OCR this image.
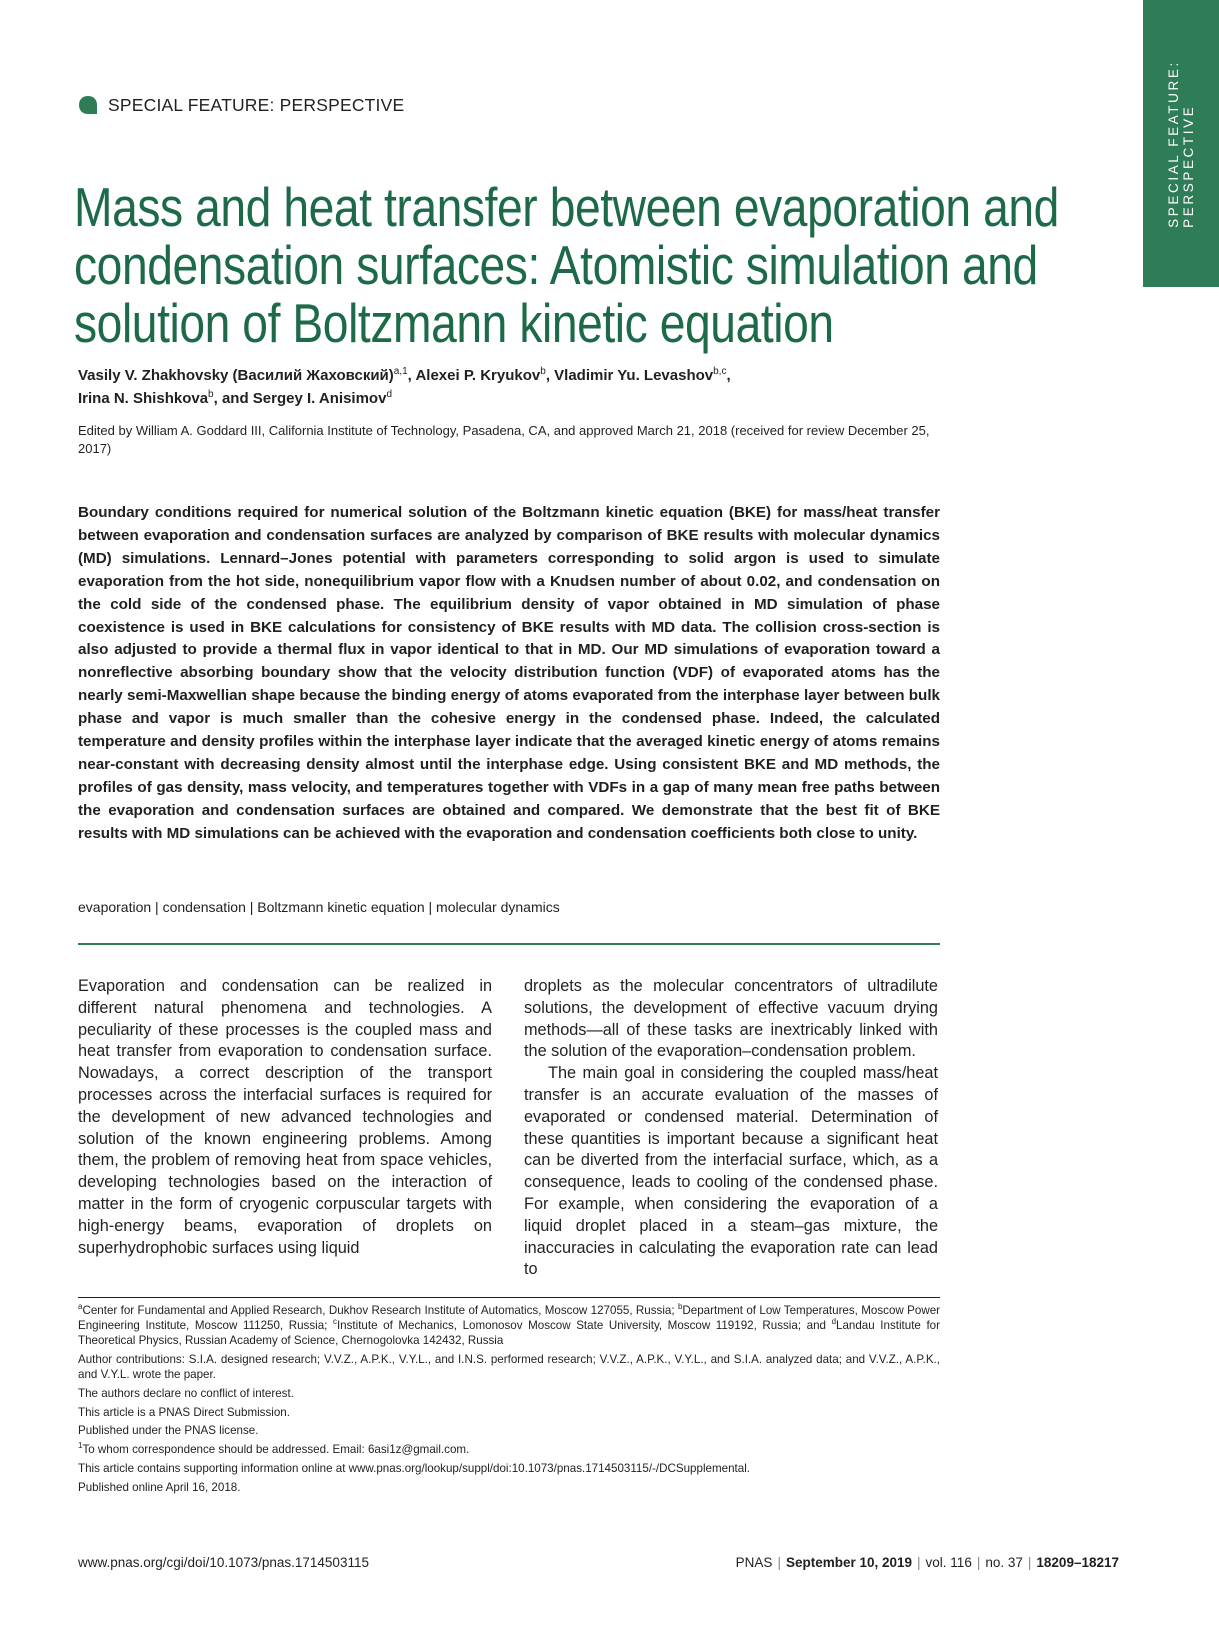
SPECIAL FEATURE: PERSPECTIVE
SPECIAL FEATURE: PERSPECTIVE
Mass and heat transfer between evaporation and
condensation surfaces: Atomistic simulation and
solution of Boltzmann kinetic equation
Vasily V. Zhakhovsky (Василий Жаховский)$^{a,1}$, Alexei P. Kryukov$^b$, Vladimir Yu. Levashov$^{b,c}$,
Irina N. Shishkova$^b$, and Sergey I. Anisimov$^d$
Edited by William A. Goddard III, California Institute of Technology, Pasadena, CA, and approved March 21, 2018 (received for review December 25, 2017)
Boundary conditions required for numerical solution of the Boltzmann kinetic equation (BKE) for mass/heat transfer between evaporation and condensation surfaces are analyzed by comparison of BKE results with molecular dynamics (MD) simulations. Lennard–Jones potential with parameters corresponding to solid argon is used to simulate evaporation from the hot side, nonequilibrium vapor flow with a Knudsen number of about 0.02, and condensation on the cold side of the condensed phase. The equilibrium density of vapor obtained in MD simulation of phase coexistence is used in BKE calculations for consistency of BKE results with MD data. The collision cross-section is also adjusted to provide a thermal flux in vapor identical to that in MD. Our MD simulations of evaporation toward a nonreflective absorbing boundary show that the velocity distribution function (VDF) of evaporated atoms has the nearly semi-Maxwellian shape because the binding energy of atoms evaporated from the interphase layer between bulk phase and vapor is much smaller than the cohesive energy in the condensed phase. Indeed, the calculated temperature and density profiles within the interphase layer indicate that the averaged kinetic energy of atoms remains near-constant with decreasing density almost until the interphase edge. Using consistent BKE and MD methods, the profiles of gas density, mass velocity, and temperatures together with VDFs in a gap of many mean free paths between the evaporation and condensation surfaces are obtained and compared. We demonstrate that the best fit of BKE results with MD simulations can be achieved with the evaporation and condensation coefficients both close to unity.
evaporation | condensation | Boltzmann kinetic equation | molecular dynamics

Evaporation and condensation can be realized in different natural phenomena and technologies. A peculiarity of these processes is the coupled mass and heat transfer from evaporation to condensation surface. Nowadays, a correct description of the transport processes across the interfacial surfaces is required for the development of new advanced technologies and solution of the known engineering problems. Among them, the problem of removing heat from space vehicles, developing technologies based on the interaction of matter in the form of cryogenic corpuscular targets with high-energy beams, evaporation of droplets on superhydrophobic surfaces using liquid

droplets as the molecular concentrators of ultradilute solutions, the development of effective vacuum drying methods—all of these tasks are inextricably linked with the solution of the evaporation–condensation problem.

The main goal in considering the coupled mass/heat transfer is an accurate evaluation of the masses of evaporated or condensed material. Determination of these quantities is important because a significant heat can be diverted from the interfacial surface, which, as a consequence, leads to cooling of the condensed phase. For example, when considering the evaporation of a liquid droplet placed in a steam–gas mixture, the inaccuracies in calculating the evaporation rate can lead to

$^a$Center for Fundamental and Applied Research, Dukhov Research Institute of Automatics, Moscow 127055, Russia; $^b$Department of Low Temperatures, Moscow Power Engineering Institute, Moscow 111250, Russia; $^c$Institute of Mechanics, Lomonosov Moscow State University, Moscow 119192, Russia; and $^d$Landau Institute for Theoretical Physics, Russian Academy of Science, Chernogolovka 142432, Russia

Author contributions: S.I.A. designed research; V.V.Z., A.P.K., V.Y.L., and I.N.S. performed research; V.V.Z., A.P.K., V.Y.L., and S.I.A. analyzed data; and V.V.Z., A.P.K., and V.Y.L. wrote the paper.

The authors declare no conflict of interest.

This article is a PNAS Direct Submission.

Published under the PNAS license.

$^1$To whom correspondence should be addressed. Email: 6asi1z@gmail.com.

This article contains supporting information online at www.pnas.org/lookup/suppl/doi:10.1073/pnas.1714503115/-/DCSupplemental.

Published online April 16, 2018.

www.pnas.org/cgi/doi/10.1073/pnas.1714503115	PNAS | September 10, 2019 | vol. 116 | no. 37 | 18209–18217
